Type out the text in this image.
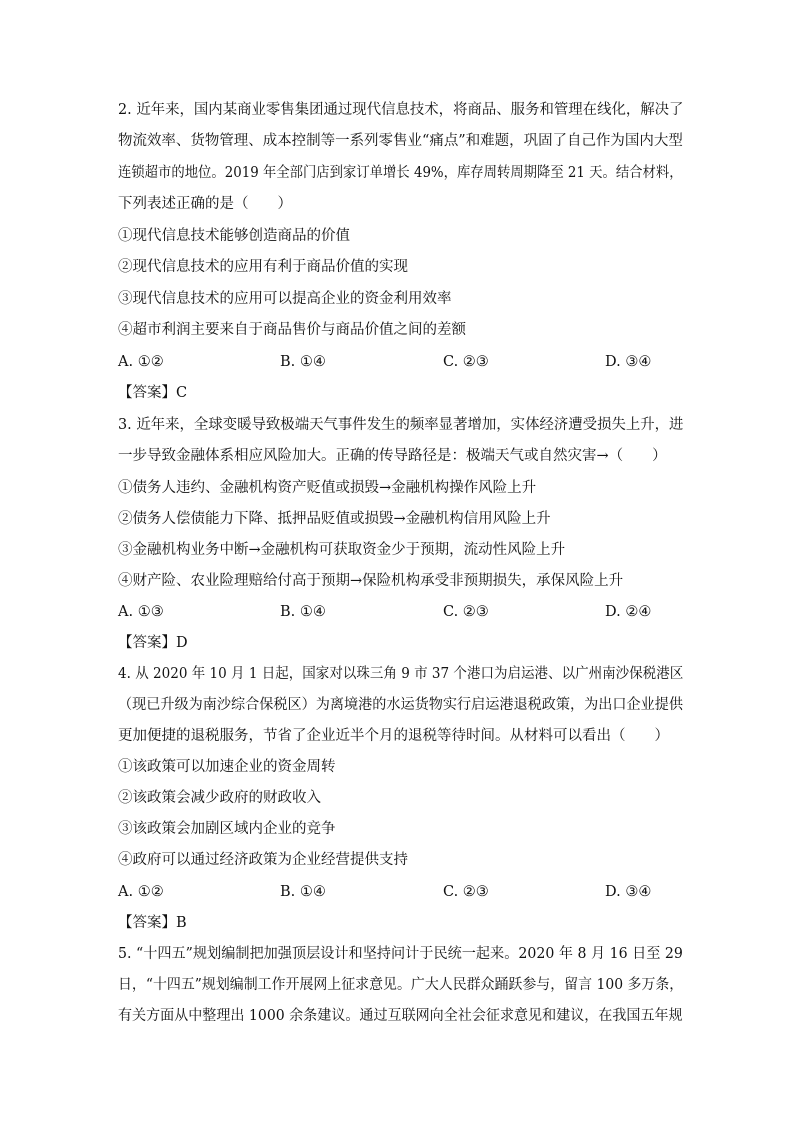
2. 近年来，国内某商业零售集团通过现代信息技术，将商品、服务和管理在线化，解决了
物流效率、货物管理、成本控制等一系列零售业“痛点”和难题，巩固了自己作为国内大型
连锁超市的地位。2019 年全部门店到家订单增长 49%，库存周转周期降至 21 天。结合材料，
下列表述正确的是（　　）
①现代信息技术能够创造商品的价值
②现代信息技术的应用有利于商品价值的实现
③现代信息技术的应用可以提高企业的资金利用效率
④超市利润主要来自于商品售价与商品价值之间的差额
A. ①②	B. ①④	C. ②③	D. ③④
【答案】C
3. 近年来，全球变暖导致极端天气事件发生的频率显著增加，实体经济遭受损失上升，进
一步导致金融体系相应风险加大。正确的传导路径是：极端天气或自然灾害→（　　）
①债务人违约、金融机构资产贬值或损毁→金融机构操作风险上升
②债务人偿债能力下降、抵押品贬值或损毁→金融机构信用风险上升
③金融机构业务中断→金融机构可获取资金少于预期，流动性风险上升
④财产险、农业险理赔给付高于预期→保险机构承受非预期损失，承保风险上升
A. ①③	B. ①④	C. ②③	D. ②④
【答案】D
4. 从 2020 年 10 月 1 日起，国家对以珠三角 9 市 37 个港口为启运港、以广州南沙保税港区
（现已升级为南沙综合保税区）为离境港的水运货物实行启运港退税政策，为出口企业提供
更加便捷的退税服务，节省了企业近半个月的退税等待时间。从材料可以看出（　　）
①该政策可以加速企业的资金周转
②该政策会减少政府的财政收入
③该政策会加剧区域内企业的竞争
④政府可以通过经济政策为企业经营提供支持
A. ①②	B. ①④	C. ②③	D. ③④
【答案】B
5. “十四五”规划编制把加强顶层设计和坚持问计于民统一起来。2020 年 8 月 16 日至 29
日，“十四五”规划编制工作开展网上征求意见。广大人民群众踊跃参与，留言 100 多万条，
有关方面从中整理出 1000 余条建议。通过互联网向全社会征求意见和建议，在我国五年规
